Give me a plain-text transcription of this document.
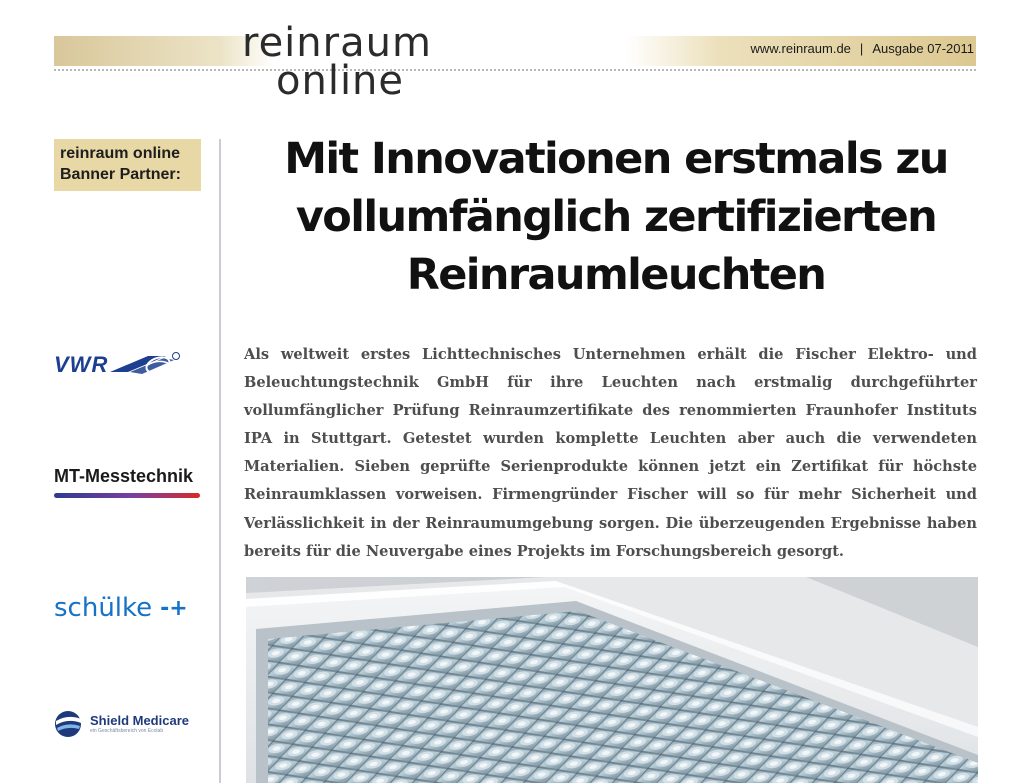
reinraum
online
www.reinraum.de | Ausgabe 07-2011
reinraum online Banner Partner:
VWR
MT-Messtechnik
schülke -+
Shield Medicare
ein Geschäftsbereich von Ecolab
Mit Innovationen erstmals zu vollumfänglich zertifizierten Reinraumleuchten

Als weltweit erstes Lichttechnisches Unternehmen erhält die Fischer Elektro- und Beleuchtungstechnik GmbH für ihre Leuchten nach erstmalig durchgeführter vollumfänglicher Prüfung Reinraumzertifikate des renommierten Fraunhofer Instituts IPA in Stuttgart. Getestet wurden komplette Leuchten aber auch die verwendeten Materialien. Sieben geprüfte Serienprodukte können jetzt ein Zertifikat für höchste Reinraumklassen vorweisen. Firmengründer Fischer will so für mehr Sicherheit und Verlässlichkeit in der Reinraumumgebung sorgen. Die überzeugenden Ergebnisse haben bereits für die Neuvergabe eines Projekts im Forschungsbereich gesorgt.
